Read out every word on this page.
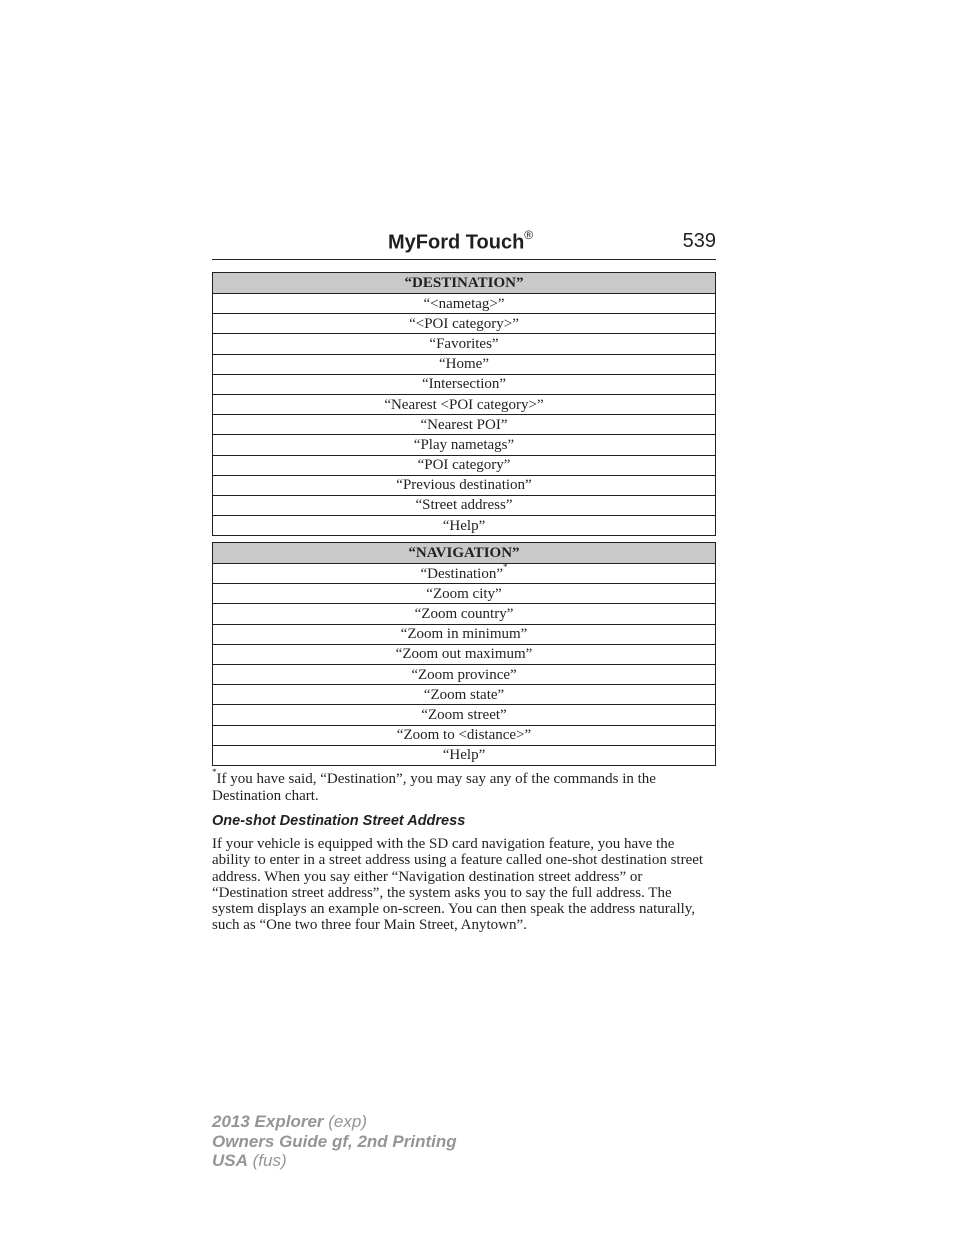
MyFord Touch®	539
“DESTINATION”
“<nametag>”
“<POI category>”
“Favorites”
“Home”
“Intersection”
“Nearest <POI category>”
“Nearest POI”
“Play nametags”
“POI category”
“Previous destination”
“Street address”
“Help”
“NAVIGATION”
“Destination”*
“Zoom city”
“Zoom country”
“Zoom in minimum”
“Zoom out maximum”
“Zoom province”
“Zoom state”
“Zoom street”
“Zoom to <distance>”
“Help”
*If you have said, “Destination”, you may say any of the commands in the Destination chart.
One-shot Destination Street Address
If your vehicle is equipped with the SD card navigation feature, you have the ability to enter in a street address using a feature called one-shot destination street address. When you say either “Navigation destination street address” or “Destination street address”, the system asks you to say the full address. The system displays an example on-screen. You can then speak the address naturally, such as “One two three four Main Street, Anytown”.
2013 Explorer (exp)
Owners Guide gf, 2nd Printing
USA (fus)
